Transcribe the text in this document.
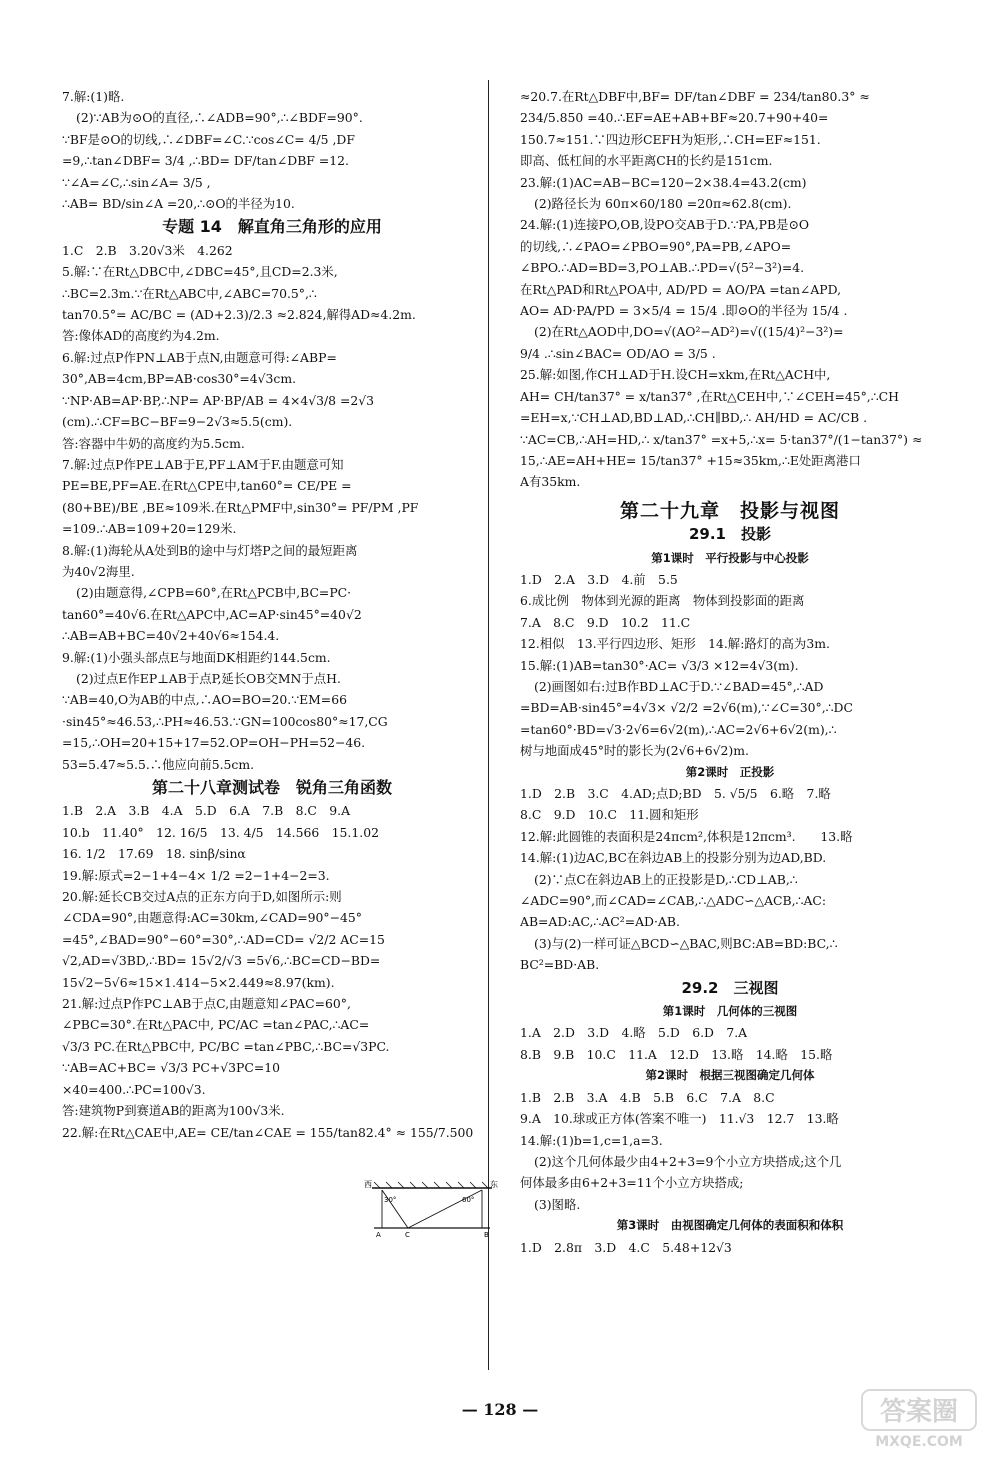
7.解:(1)略.
(2)∵AB为⊙O的直径,∴∠ADB=90°,∴∠BDF=90°.
∵BF是⊙O的切线,∴∠DBF=∠C.∵cos∠C= 4/5 ,DF
=9,∴tan∠DBF= 3/4 ,∴BD= DF/tan∠DBF =12.
∵∠A=∠C,∴sin∠A= 3/5 ,
∴AB= BD/sin∠A =20,∴⊙O的半径为10.
专题 14　解直角三角形的应用
1.C　2.B　3.20√3米　4.262
5.解:∵在Rt△DBC中,∠DBC=45°,且CD=2.3米,
∴BC=2.3m.∵在Rt△ABC中,∠ABC=70.5°,∴
tan70.5°= AC/BC = (AD+2.3)/2.3 ≈2.824,解得AD≈4.2m.
答:像体AD的高度约为4.2m.
6.解:过点P作PN⊥AB于点N,由题意可得:∠ABP=
30°,AB=4cm,BP=AB·cos30°=4√3cm.
∵NP·AB=AP·BP,∴NP= AP·BP/AB = 4×4√3/8 =2√3
(cm).∴CF=BC−BF=9−2√3≈5.5(cm).
答:容器中牛奶的高度约为5.5cm.
7.解:过点P作PE⊥AB于E,PF⊥AM于F.由题意可知
PE=BE,PF=AE.在Rt△CPE中,tan60°= CE/PE =
(80+BE)/BE ,BE≈109米.在Rt△PMF中,sin30°= PF/PM ,PF
=109.∴AB=109+20=129米.
8.解:(1)海轮从A处到B的途中与灯塔P之间的最短距离
为40√2海里.
(2)由题意得,∠CPB=60°,在Rt△PCB中,BC=PC·
tan60°=40√6.在Rt△APC中,AC=AP·sin45°=40√2
∴AB=AB+BC=40√2+40√6≈154.4.
9.解:(1)小强头部点E与地面DK相距约144.5cm.
(2)过点E作EP⊥AB于点P,延长OB交MN于点H.
∵AB=40,O为AB的中点,∴AO=BO=20.∵EM=66
·sin45°≈46.53,∴PH≈46.53.∵GN=100cos80°≈17,CG
=15,∴OH=20+15+17=52.OP=OH−PH=52−46.
53=5.47≈5.5.∴他应向前5.5cm.
第二十八章测试卷　锐角三角函数
1.B　2.A　3.B　4.A　5.D　6.A　7.B　8.C　9.A
10.b　11.40°　12. 16/5　13. 4/5　14.566　15.1.02
16. 1/2　17.69　18. sinβ/sinα
19.解:原式=2−1+4−4× 1/2 =2−1+4−2=3.
20.解:延长CB交过A点的正东方向于D,如图所示:则
∠CDA=90°,由题意得:AC=30km,∠CAD=90°−45°
=45°,∠BAD=90°−60°=30°,∴AD=CD= √2/2 AC=15
√2,AD=√3BD,∴BD= 15√2/√3 =5√6,∴BC=CD−BD=
15√2−5√6≈15×1.414−5×2.449≈8.97(km).
21.解:过点P作PC⊥AB于点C,由题意知∠PAC=60°,
∠PBC=30°.在Rt△PAC中, PC/AC =tan∠PAC,∴AC=
√3/3 PC.在Rt△PBC中, PC/BC =tan∠PBC,∴BC=√3PC.
∵AB=AC+BC= √3/3 PC+√3PC=10
×40=400.∴PC=100√3.
答:建筑物P到赛道AB的距离为100√3米.
22.解:在Rt△CAE中,AE= CE/tan∠CAE = 155/tan82.4° ≈ 155/7.500
≈20.7.在Rt△DBF中,BF= DF/tan∠DBF = 234/tan80.3° ≈
234/5.850 =40.∴EF=AE+AB+BF≈20.7+90+40=
150.7≈151.∵四边形CEFH为矩形,∴CH=EF≈151.
即高、低杠间的水平距离CH的长约是151cm.
23.解:(1)AC=AB−BC=120−2×38.4=43.2(cm)
(2)路径长为 60π×60/180 =20π≈62.8(cm).
24.解:(1)连接PO,OB,设PO交AB于D.∵PA,PB是⊙O
的切线,∴∠PAO=∠PBO=90°,PA=PB,∠APO=
∠BPO.∴AD=BD=3,PO⊥AB.∴PD=√(5²−3²)=4.
在Rt△PAD和Rt△POA中, AD/PD = AO/PA =tan∠APD,
AO= AD·PA/PD = 3×5/4 = 15/4 .即⊙O的半径为 15/4 .
(2)在Rt△AOD中,DO=√(AO²−AD²)=√((15/4)²−3²)=
9/4 .∴sin∠BAC= OD/AO = 3/5 .
25.解:如图,作CH⊥AD于H.设CH=xkm,在Rt△ACH中,
AH= CH/tan37° = x/tan37° ,在Rt△CEH中,∵∠CEH=45°,∴CH
=EH=x,∵CH⊥AD,BD⊥AD,∴CH∥BD,∴ AH/HD = AC/CB .
∵AC=CB,∴AH=HD,∴ x/tan37° =x+5,∴x= 5·tan37°/(1−tan37°) ≈
15,∴AE=AH+HE= 15/tan37° +15≈35km,∴E处距离港口
A有35km.
第二十九章　投影与视图
29.1　投影
第1课时　平行投影与中心投影
1.D　2.A　3.D　4.前　5.5
6.成比例　物体到光源的距离　物体到投影面的距离
7.A　8.C　9.D　10.2　11.C
12.相似　13.平行四边形、矩形　14.解:路灯的高为3m.
15.解:(1)AB=tan30°·AC= √3/3 ×12=4√3(m).
(2)画图如右:过B作BD⊥AC于D.∵∠BAD=45°,∴AD
=BD=AB·sin45°=4√3× √2/2 =2√6(m),∵∠C=30°,∴DC
=tan60°·BD=√3·2√6=6√2(m),∴AC=2√6+6√2(m),∴
树与地面成45°时的影长为(2√6+6√2)m.
第2课时　正投影
1.D　2.B　3.C　4.AD;点D;BD　5. √5/5　6.略　7.略
8.C　9.D　10.C　11.圆和矩形
12.解:此圆锥的表面积是24πcm²,体积是12πcm³.　　13.略
14.解:(1)边AC,BC在斜边AB上的投影分别为边AD,BD.
(2)∵点C在斜边AB上的正投影是D,∴CD⊥AB,∴
∠ADC=90°,而∠CAD=∠CAB,∴△ADC∽△ACB,∴AC:
AB=AD:AC,∴AC²=AD·AB.
(3)与(2)一样可证△BCD∽△BAC,则BC:AB=BD:BC,∴
BC²=BD·AB.
29.2　三视图
第1课时　几何体的三视图
1.A　2.D　3.D　4.略　5.D　6.D　7.A
8.B　9.B　10.C　11.A　12.D　13.略　14.略　15.略
第2课时　根据三视图确定几何体
1.B　2.B　3.A　4.B　5.B　6.C　7.A　8.C
9.A　10.球或正方体(答案不唯一)　11.√3　12.7　13.略
14.解:(1)b=1,c=1,a=3.
(2)这个几何体最少由4+2+3=9个小立方块搭成;这个几
何体最多由6+2+3=11个小立方块搭成;
(3)图略.
第3课时　由视图确定几何体的表面积和体积
1.D　2.8π　3.D　4.C　5.48+12√3
西	东
30°	60°
A	C	B
— 128 —	答案圈
MXQE.COM
